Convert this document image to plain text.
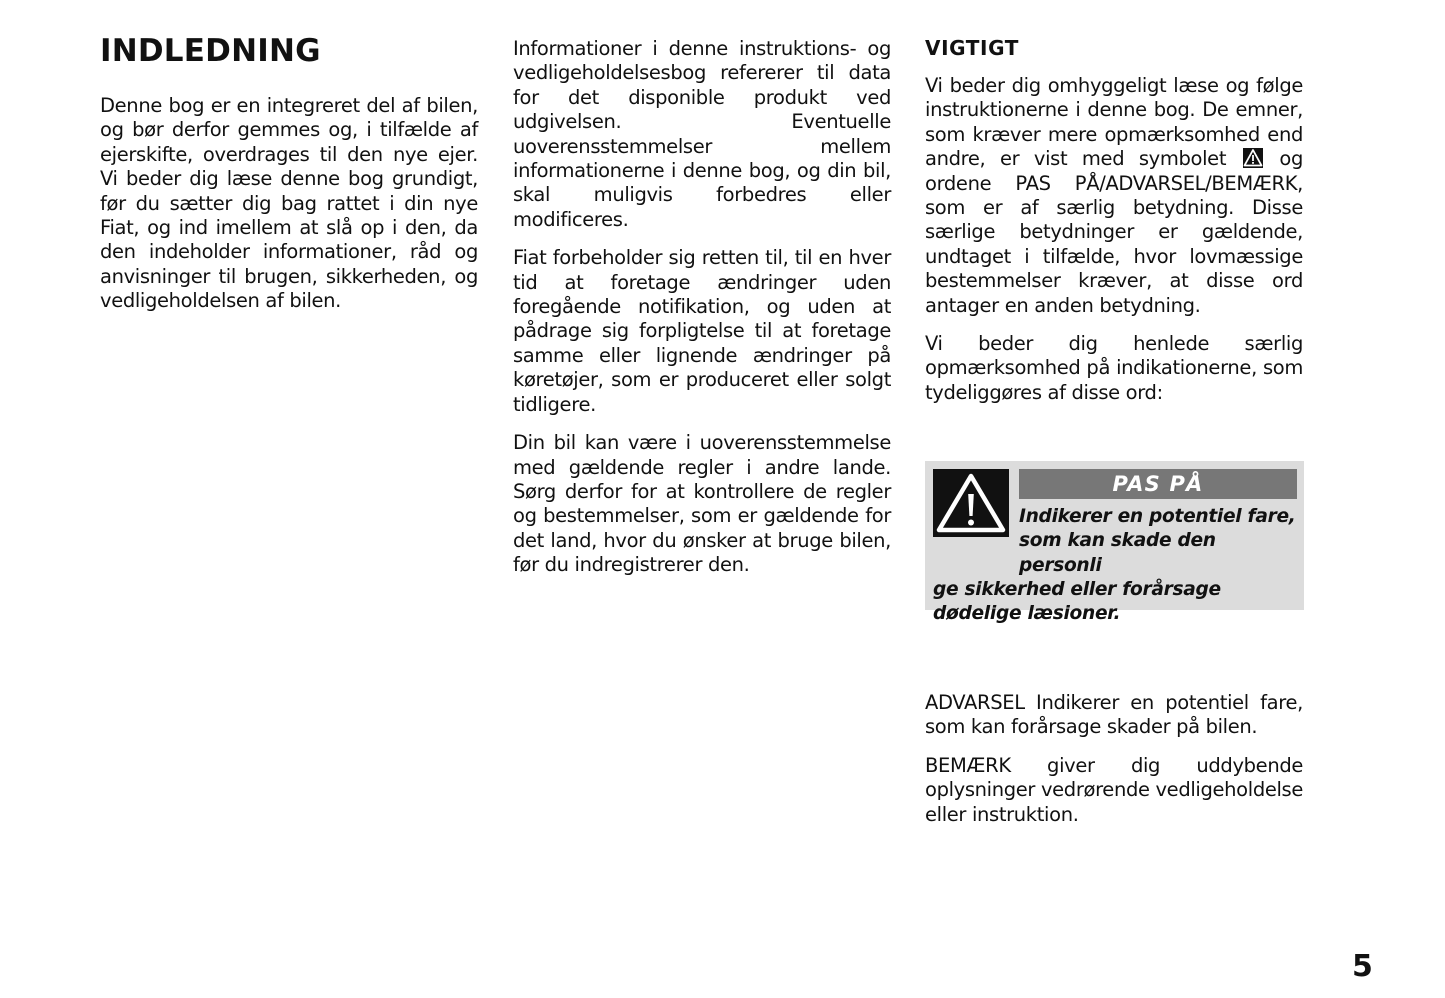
INDLEDNING

Denne bog er en integreret del af bilen, og bør derfor gemmes og, i tilfælde af ejerskifte, overdrages til den nye ejer. Vi beder dig læse denne bog grundigt, før du sætter dig bag rattet i din nye Fiat, og ind imellem at slå op i den, da den indeholder informationer, råd og anvisninger til brugen, sikkerheden, og vedligeholdelsen af bilen.

Informationer i denne instruktions- og vedligeholdelsesbog refererer til data for det disponible produkt ved udgivelsen. Eventuelle uoverensstemmelser mellem informationerne i denne bog, og din bil, skal muligvis forbedres eller modificeres.

Fiat forbeholder sig retten til, til en hver tid at foretage ændringer uden foregående notifikation, og uden at pådrage sig forpligtelse til at foretage samme eller lignende ændringer på køretøjer, som er produceret eller solgt tidligere.

Din bil kan være i uoverensstemmelse med gældende regler i andre lande. Sørg derfor for at kontrollere de regler og bestemmelser, som er gældende for det land, hvor du ønsker at bruge bilen, før du indregistrerer den.

VIGTIGT

Vi beder dig omhyggeligt læse og følge instruktionerne i denne bog. De emner, som kræver mere opmærksomhed end andre, er vist med symbolet	og ordene PAS PÅ/ADVARSEL/BEMÆRK, som er af særlig betydning. Disse særlige betydninger er gældende, undtaget i tilfælde, hvor lovmæssige bestemmelser kræver, at disse ord antager en anden betydning.

Vi beder dig henlede særlig opmærksomhed på indikationerne, som tydeliggøres af disse ord:

PAS PÅ
Indikerer en potentiel fare,
som kan skade den personli
ge sikkerhed eller forårsage dødelige læsioner.

ADVARSEL Indikerer en potentiel fare, som kan forårsage skader på bilen.

BEMÆRK giver dig uddybende oplysninger vedrørende vedligeholdelse eller instruktion.

5
